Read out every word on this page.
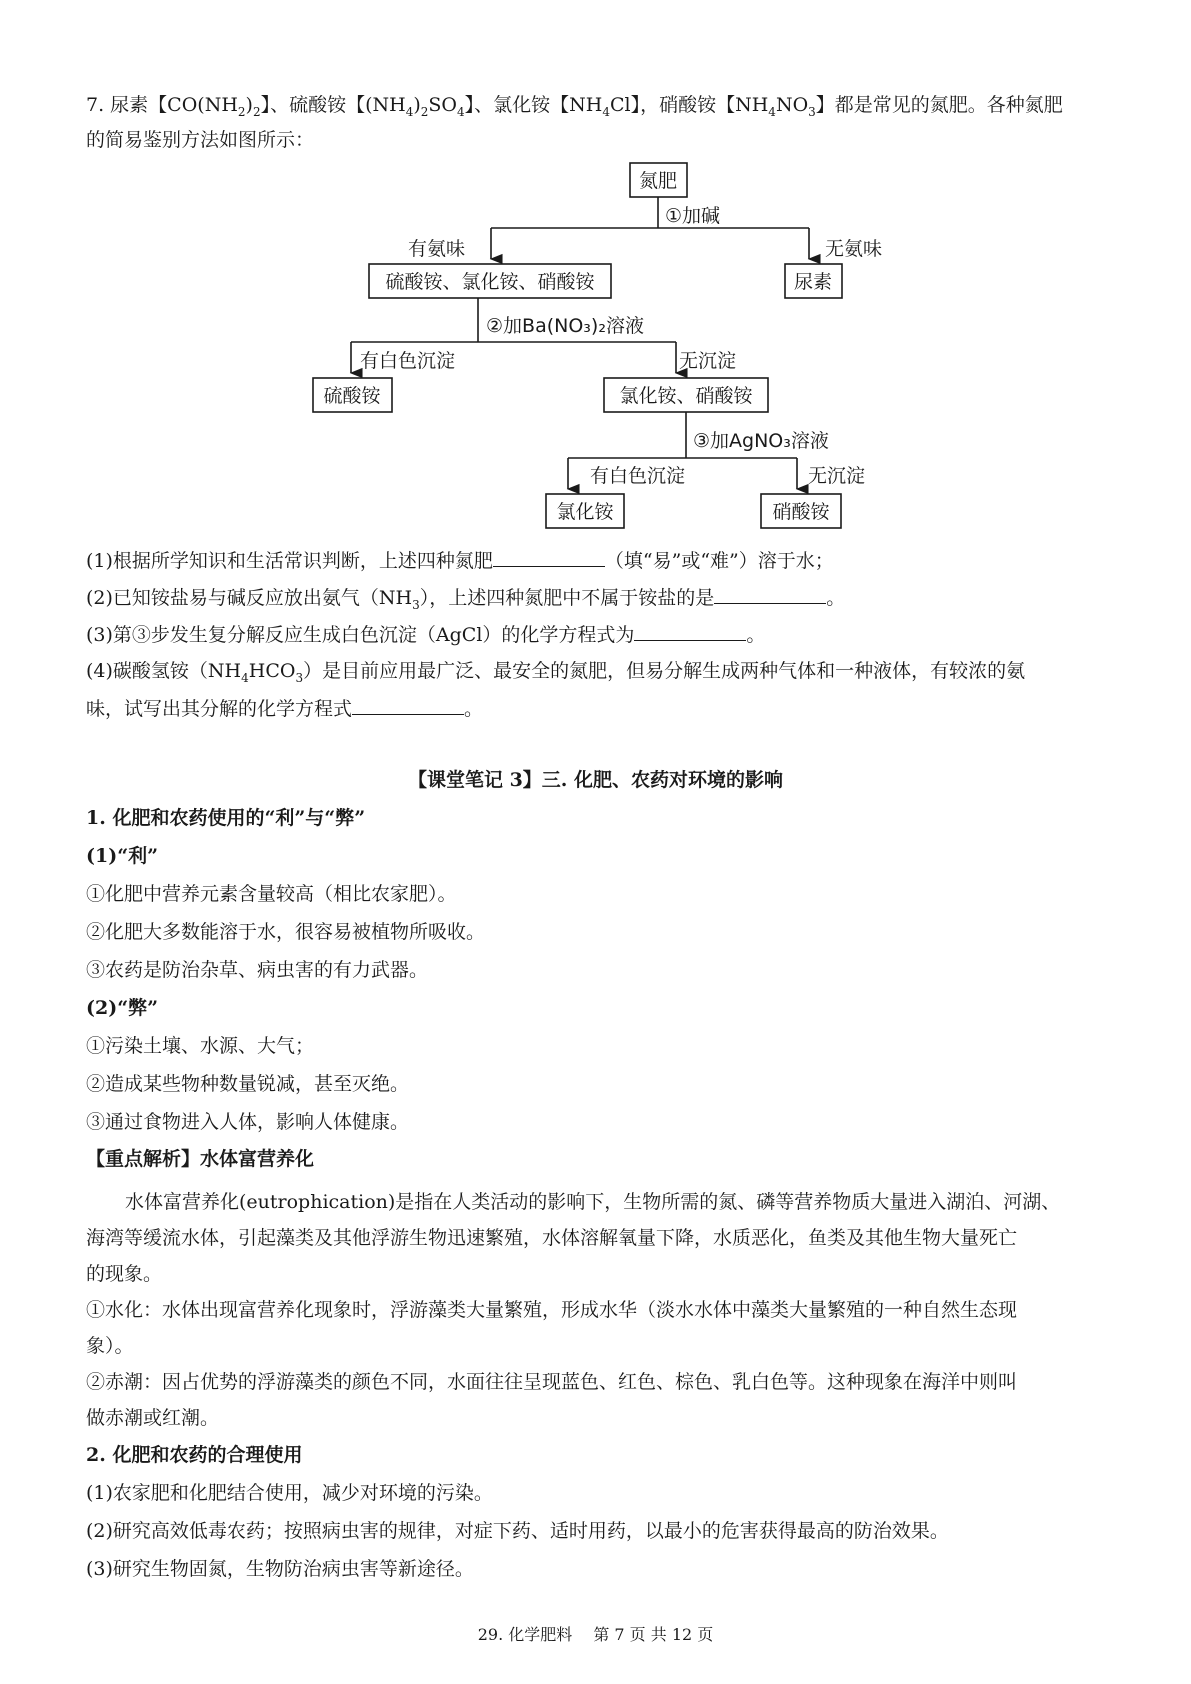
7. 尿素【$CO(NH_2)_2$】、硫酸铵【$(NH_4)_2SO_4$】、氯化铵【$NH_4Cl$】，硝酸铵【$NH_4NO_3$】都是常见的氮肥。各种氮肥
的简易鉴别方法如图所示：
氮肥
①加碱
有氨味	无氨味
硫酸铵、氯化铵、硝酸铵	尿素
②加Ba(NO₃)₂溶液
有白色沉淀	无沉淀
硫酸铵	氯化铵、硝酸铵
③加AgNO₃溶液
有白色沉淀	无沉淀
氯化铵	硝酸铵
(1)根据所学知识和生活常识判断，上述四种氮肥	（填“易”或“难”）溶于水；
(2)已知铵盐易与碱反应放出氨气$(NH_3)$，上述四种氮肥中不属于铵盐的是	。
(3)第③步发生复分解反应生成白色沉淀（AgCl）的化学方程式为	。
(4)碳酸氢铵$(NH_4HCO_3)$是目前应用最广泛、最安全的氮肥，但易分解生成两种气体和一种液体，有较浓的氨
味，试写出其分解的化学方程式	。
【课堂笔记 3】三. 化肥、农药对环境的影响
1. 化肥和农药使用的“利”与“弊”
(1)“利”
①化肥中营养元素含量较高（相比农家肥）。
②化肥大多数能溶于水，很容易被植物所吸收。
③农药是防治杂草、病虫害的有力武器。
(2)“弊”
①污染土壤、水源、大气；
②造成某些物种数量锐减，甚至灭绝。
③通过食物进入人体，影响人体健康。
【重点解析】水体富营养化
水体富营养化(eutrophication)是指在人类活动的影响下，生物所需的氮、磷等营养物质大量进入湖泊、河湖、
海湾等缓流水体，引起藻类及其他浮游生物迅速繁殖，水体溶解氧量下降，水质恶化，鱼类及其他生物大量死亡
的现象。
①水化：水体出现富营养化现象时，浮游藻类大量繁殖，形成水华（淡水水体中藻类大量繁殖的一种自然生态现
象）。
②赤潮：因占优势的浮游藻类的颜色不同，水面往往呈现蓝色、红色、棕色、乳白色等。这种现象在海洋中则叫
做赤潮或红潮。
2. 化肥和农药的合理使用
(1)农家肥和化肥结合使用，减少对环境的污染。
(2)研究高效低毒农药；按照病虫害的规律，对症下药、适时用药，以最小的危害获得最高的防治效果。
(3)研究生物固氮，生物防治病虫害等新途径。
29. 化学肥料　 第 7 页 共 12 页
